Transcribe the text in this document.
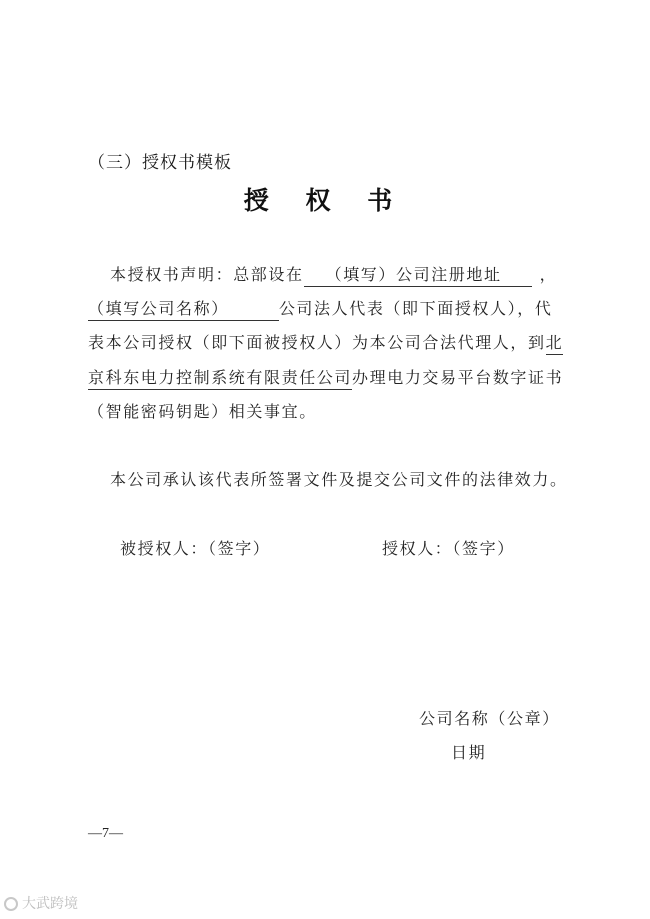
（三）授权书模板
授 权 书
本授权书声明：总部设在 （填写）公司注册地址 ，
（填写公司名称）	公司法人代表（即下面授权人），代
表本公司授权（即下面被授权人）为本公司合法代理人，到北
京科东电力控制系统有限责任公司办理电力交易平台数字证书
（智能密码钥匙）相关事宜。
本公司承认该代表所签署文件及提交公司文件的法律效力。
被授权人：（签字）	授权人：（签字）
公司名称（公章）
日期
—7—
大武跨境
